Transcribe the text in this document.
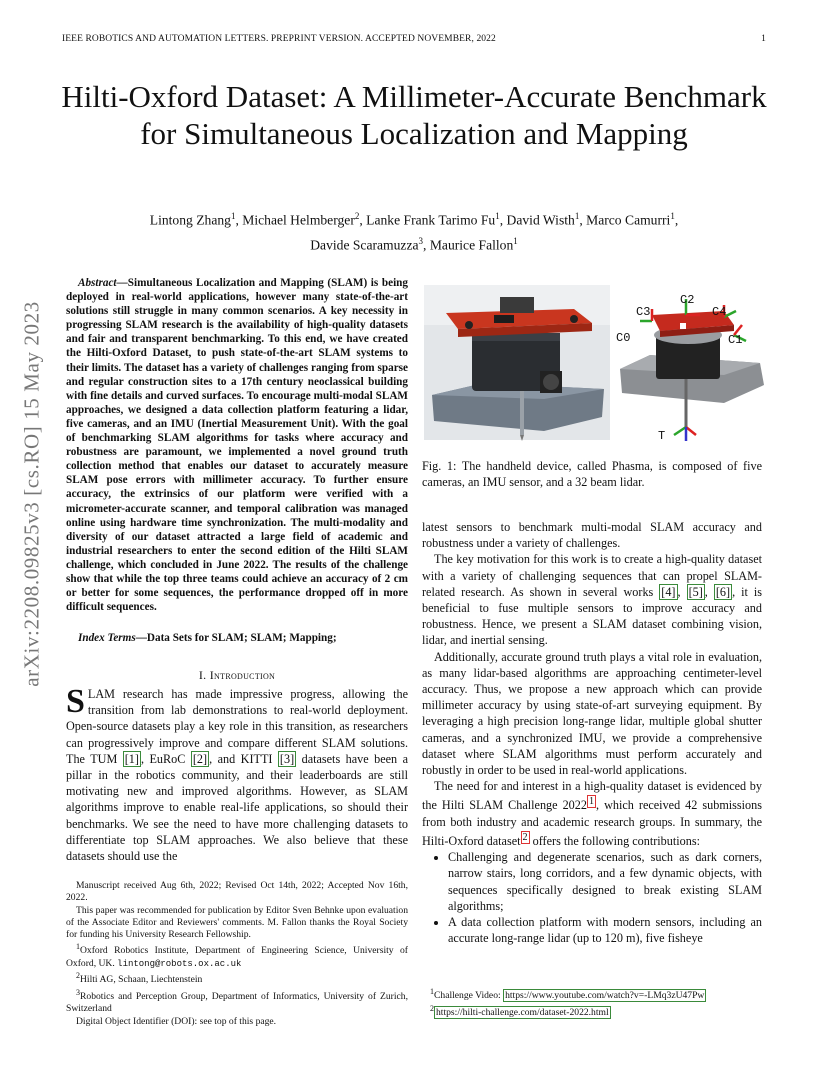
IEEE ROBOTICS AND AUTOMATION LETTERS. PREPRINT VERSION. ACCEPTED NOVEMBER, 2022	1
Hilti-Oxford Dataset: A Millimeter-Accurate Benchmark for Simultaneous Localization and Mapping
Lintong Zhang$^1$, Michael Helmberger$^2$, Lanke Frank Tarimo Fu$^1$, David Wisth$^1$, Marco Camurri$^1$,
Davide Scaramuzza$^3$, Maurice Fallon$^1$
arXiv:2208.09825v3 [cs.RO] 15 May 2023
Abstract—Simultaneous Localization and Mapping (SLAM) is being deployed in real-world applications, however many state-of-the-art solutions still struggle in many common scenarios. A key necessity in progressing SLAM research is the availability of high-quality datasets and fair and transparent benchmarking. To this end, we have created the Hilti-Oxford Dataset, to push state-of-the-art SLAM systems to their limits. The dataset has a variety of challenges ranging from sparse and regular construction sites to a 17th century neoclassical building with fine details and curved surfaces. To encourage multi-modal SLAM approaches, we designed a data collection platform featuring a lidar, five cameras, and an IMU (Inertial Measurement Unit). With the goal of benchmarking SLAM algorithms for tasks where accuracy and robustness are paramount, we implemented a novel ground truth collection method that enables our dataset to accurately measure SLAM pose errors with millimeter accuracy. To further ensure accuracy, the extrinsics of our platform were verified with a micrometer-accurate scanner, and temporal calibration was managed online using hardware time synchronization. The multi-modality and diversity of our dataset attracted a large field of academic and industrial researchers to enter the second edition of the Hilti SLAM challenge, which concluded in June 2022. The results of the challenge show that while the top three teams could achieve an accuracy of 2 cm or better for some sequences, the performance dropped off in more difficult sequences.
Index Terms—Data Sets for SLAM; SLAM; Mapping;
I. Introduction
SLAM research has made impressive progress, allowing the transition from lab demonstrations to real-world deployment. Open-source datasets play a key role in this transition, as researchers can progressively improve and compare different SLAM solutions. The TUM [1] , EuRoC [2] , and KITTI [3] datasets have been a pillar in the robotics community, and their leaderboards are still motivating new and improved algorithms. However, as SLAM algorithms improve to enable real-life applications, so should their benchmarks. We see the need to have more challenging datasets to differentiate top SLAM approaches. We also believe that these datasets should use the

Manuscript received Aug 6th, 2022; Revised Oct 14th, 2022; Accepted Nov 16th, 2022.

This paper was recommended for publication by Editor Sven Behnke upon evaluation of the Associate Editor and Reviewers' comments. M. Fallon thanks the Royal Society for funding his University Research Fellowship.

$^1$Oxford Robotics Institute, Department of Engineering Science, University of Oxford, UK. lintong@robots.ox.ac.uk

$^2$Hilti AG, Schaan, Liechtenstein

$^3$Robotics and Perception Group, Department of Informatics, University of Zurich, Switzerland

Digital Object Identifier (DOI): see top of this page.

C3
C2
C4
C0	C1
T
Fig. 1: The handheld device, called Phasma, is composed of five cameras, an IMU sensor, and a 32 beam lidar.

latest sensors to benchmark multi-modal SLAM accuracy and robustness under a variety of challenges.

The key motivation for this work is to create a high-quality dataset with a variety of challenging sequences that can propel SLAM-related research. As shown in several works [4] , [5] , [6] , it is beneficial to fuse multiple sensors to improve accuracy and robustness. Hence, we present a SLAM dataset combining vision, lidar, and inertial sensing.

Additionally, accurate ground truth plays a vital role in evaluation, as many lidar-based algorithms are approaching centimeter-level accuracy. Thus, we propose a new approach which can provide millimeter accuracy by using state-of-art surveying equipment. By leveraging a high precision long-range lidar, multiple global shutter cameras, and a synchronized IMU, we provide a comprehensive dataset where SLAM algorithms must perform accurately and robustly in order to be used in real-world applications.

The need for and interest in a high-quality dataset is evidenced by the Hilti SLAM Challenge 2022 $^1$ , which received 42 submissions from both industry and academic research groups. In summary, the Hilti-Oxford dataset $^2$ offers the following contributions:

• Challenging and degenerate scenarios, such as dark corners, narrow stairs, long corridors, and a few dynamic objects, with sequences specifically designed to break existing SLAM algorithms;
• A data collection platform with modern sensors, including an accurate long-range lidar (up to 120 m), five fisheye
$^1$Challenge Video: https://www.youtube.com/watch?v=-LMq3zU47Pw
$^2$ https://hilti-challenge.com/dataset-2022.html
